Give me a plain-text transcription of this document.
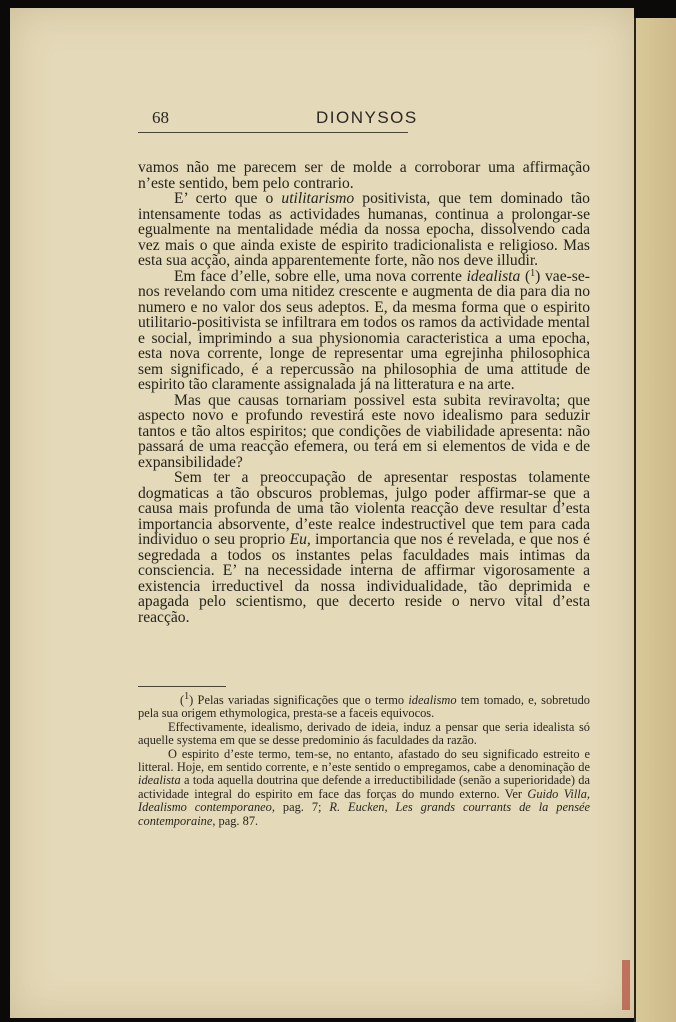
68	DIONYSOS

vamos não me parecem ser de molde a corroborar uma affirmação n’este sentido, bem pelo contrario.

E’ certo que o utilitarismo positivista, que tem dominado tão intensamente todas as actividades humanas, continua a prolongar-se egualmente na mentalidade média da nossa epocha, dissolvendo cada vez mais o que ainda existe de espirito tradicionalista e religioso. Mas esta sua acção, ainda apparentemente forte, não nos deve illudir.

Em face d’elle, sobre elle, uma nova corrente idealista ($^1$) vae-se-nos revelando com uma nitidez crescente e augmenta de dia para dia no numero e no valor dos seus adeptos. E, da mesma forma que o espirito utilitario-positivista se infiltrara em todos os ramos da actividade mental e social, imprimindo a sua physionomia caracteristica a uma epocha, esta nova corrente, longe de representar uma egrejinha philosophica sem significado, é a repercussão na philosophia de uma attitude de espirito tão claramente assignalada já na litteratura e na arte.

Mas que causas tornariam possivel esta subita reviravolta; que aspecto novo e profundo revestirá este novo idealismo para seduzir tantos e tão altos espiritos; que condições de viabilidade apresenta: não passará de uma reacção efemera, ou terá em si elementos de vida e de expansibilidade?

Sem ter a preoccupação de apresentar respostas tolamente dogmaticas a tão obscuros problemas, julgo poder affirmar-se que a causa mais profunda de uma tão violenta reacção deve resultar d’esta importancia absorvente, d’este realce indestructivel que tem para cada individuo o seu proprio Eu, importancia que nos é revelada, e que nos é segredada a todos os instantes pelas faculdades mais intimas da consciencia. E’ na necessidade interna de affirmar vigorosamente a existencia irreductivel da nossa individualidade, tão deprimida e apagada pelo scientismo, que decerto reside o nervo vital d’esta reacção.

($^1$) Pelas variadas significações que o termo idealismo tem tomado, e, sobretudo pela sua origem ethymologica, presta-se a faceis equivocos.

Effectivamente, idealismo, derivado de ideia, induz a pensar que seria idealista só aquelle systema em que se desse predominio ás faculdades da razão.

O espirito d’este termo, tem-se, no entanto, afastado do seu significado estreito e litteral. Hoje, em sentido corrente, e n’este sentido o empregamos, cabe a denominação de idealista a toda aquella doutrina que defende a irreductibilidade (senão a superioridade) da actividade integral do espirito em face das forças do mundo externo. Ver Guido Villa, Idealismo contemporaneo, pag. 7; R. Eucken, Les grands courrants de la pensée contemporaine, pag. 87.
